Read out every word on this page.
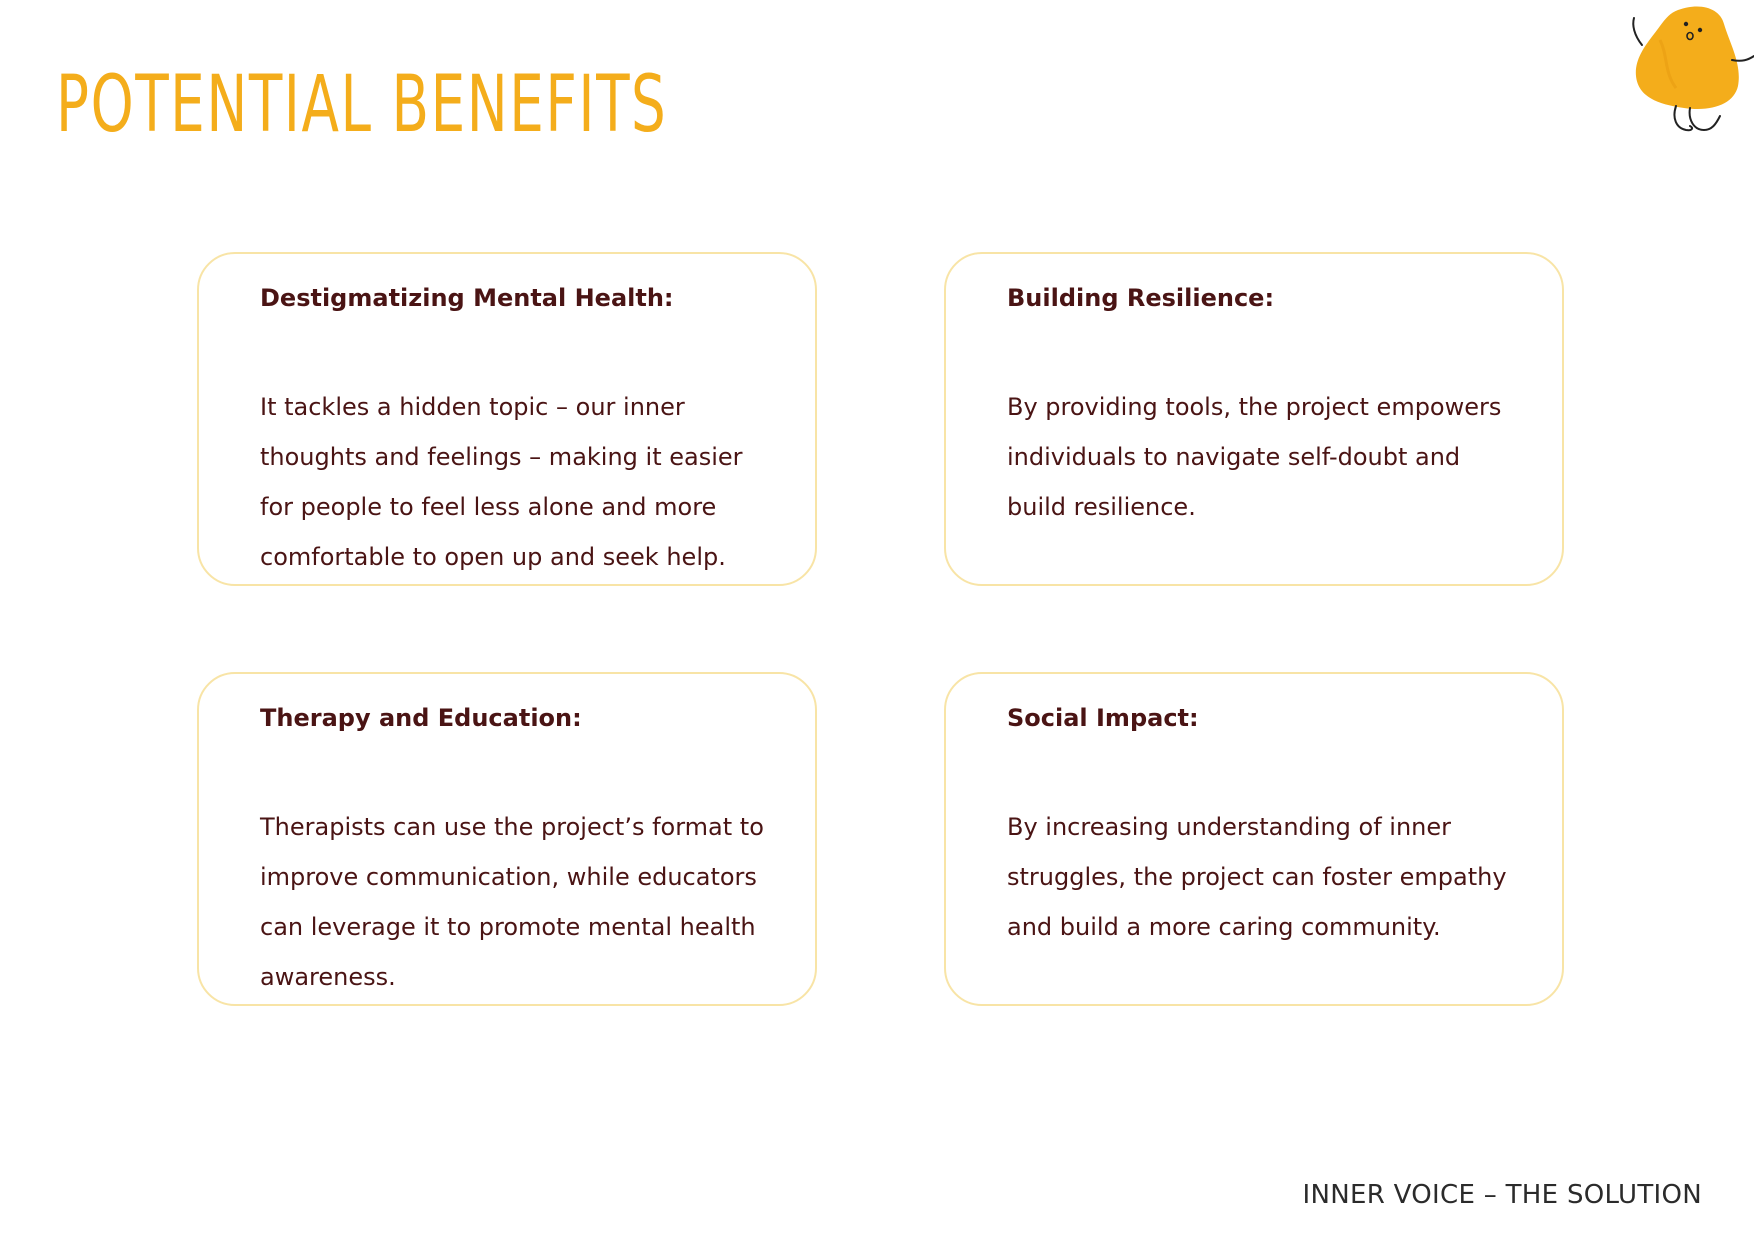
POTENTIAL BENEFITS
Destigmatizing Mental Health:

It tackles a hidden topic – our inner thoughts and feelings – making it easier for people to feel less alone and more comfortable to open up and seek help.

Building Resilience:

By providing tools, the project empowers individuals to navigate self-doubt and build resilience.

Therapy and Education:

Therapists can use the project’s format to improve communication, while educators can leverage it to promote mental health awareness.

Social Impact:

By increasing understanding of inner struggles, the project can foster empathy and build a more caring community.

INNER VOICE – THE SOLUTION
